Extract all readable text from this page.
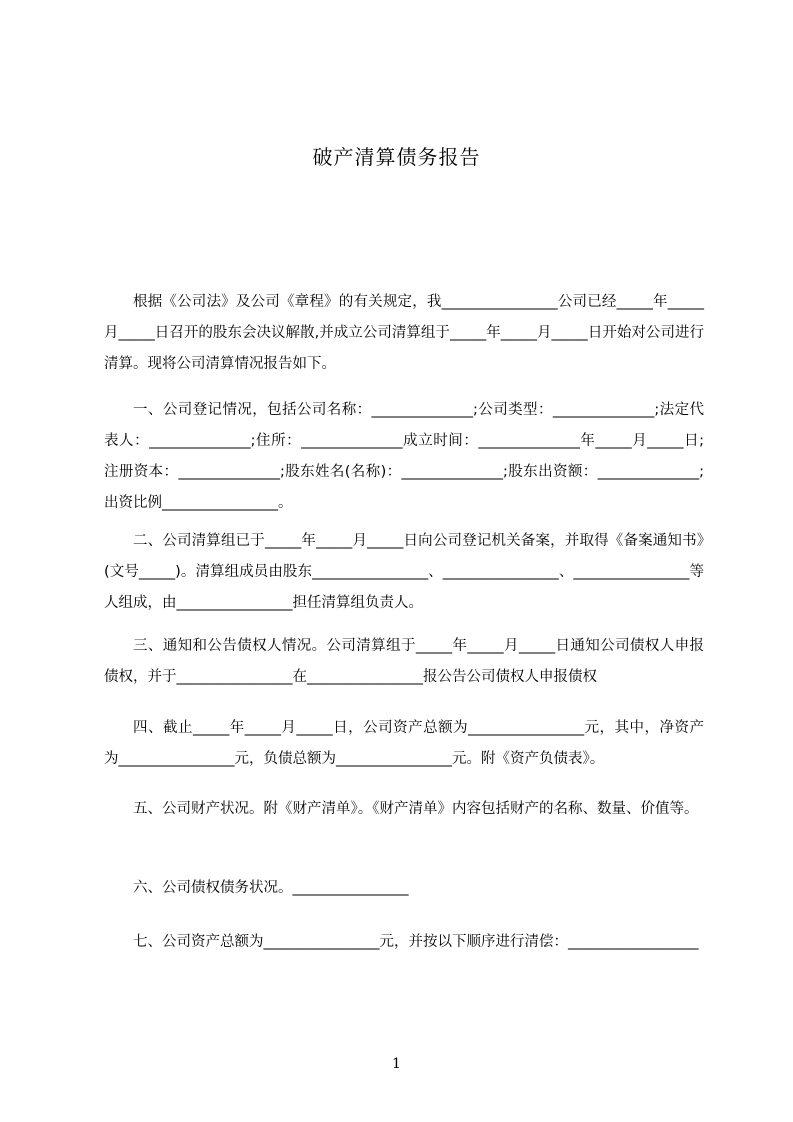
破产清算债务报告

根据《公司法》及公司《章程》的有关规定，我________________公司已经_____年_____月_____日召开的股东会决议解散,并成立公司清算组于_____年_____月_____日开始对公司进行清算。现将公司清算情况报告如下。

一、公司登记情况，包括公司名称：______________;公司类型：______________;法定代表人：______________;住所：______________成立时间：______________年_____月_____日;注册资本：______________;股东姓名(名称)：______________;股东出资额：______________;出资比例________________。

二、公司清算组已于_____年_____月_____日向公司登记机关备案，并取得《备案通知书》(文号_____)。清算组成员由股东________________、________________、________________等人组成，由________________担任清算组负责人。

三、通知和公告债权人情况。公司清算组于_____年_____月_____日通知公司债权人申报债权，并于________________在________________报公告公司债权人申报债权

四、截止_____年_____月_____日，公司资产总额为________________元，其中，净资产为________________元，负债总额为________________元。附《资产负债表》。

五、公司财产状况。附《财产清单》。《财产清单》内容包括财产的名称、数量、价值等。

六、公司债权债务状况。________________

七、公司资产总额为________________元，并按以下顺序进行清偿：__________________

1
